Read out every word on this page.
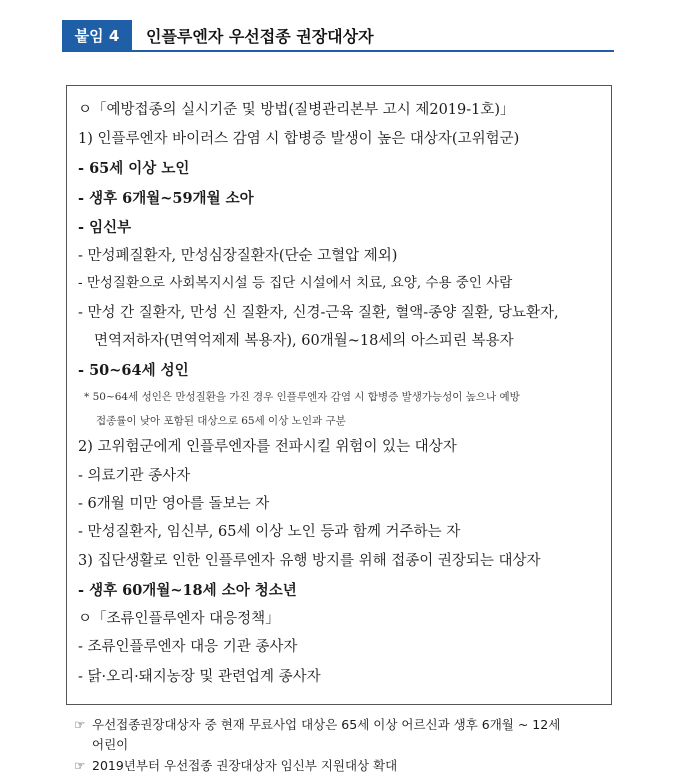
붙임 4	인플루엔자 우선접종 권장대상자
ㅇ「예방접종의 실시기준 및 방법(질병관리본부 고시 제2019-1호)」
1) 인플루엔자 바이러스 감염 시 합병증 발생이 높은 대상자(고위험군)
- 65세 이상 노인
- 생후 6개월~59개월 소아
- 임신부
- 만성폐질환자, 만성심장질환자(단순 고혈압 제외)
- 만성질환으로 사회복지시설 등 집단 시설에서 치료, 요양, 수용 중인 사람
- 만성 간 질환자, 만성 신 질환자, 신경-근육 질환, 혈액-종양 질환, 당뇨환자,
면역저하자(면역억제제 복용자), 60개월~18세의 아스피린 복용자
- 50~64세 성인
* 50~64세 성인은 만성질환을 가진 경우 인플루엔자 감염 시 합병증 발생가능성이 높으나 예방
접종률이 낮아 포함된 대상으로 65세 이상 노인과 구분
2) 고위험군에게 인플루엔자를 전파시킬 위험이 있는 대상자
- 의료기관 종사자
- 6개월 미만 영아를 돌보는 자
- 만성질환자, 임신부, 65세 이상 노인 등과 함께 거주하는 자
3) 집단생활로 인한 인플루엔자 유행 방지를 위해 접종이 권장되는 대상자
- 생후 60개월~18세 소아 청소년
ㅇ「조류인플루엔자 대응정책」
- 조류인플루엔자 대응 기관 종사자
- 닭·오리·돼지농장 및 관련업계 종사자
☞ 우선접종권장대상자 중 현재 무료사업 대상은 65세 이상 어르신과 생후 6개월 ~ 12세
어린이
☞ 2019년부터 우선접종 권장대상자 임신부 지원대상 확대
